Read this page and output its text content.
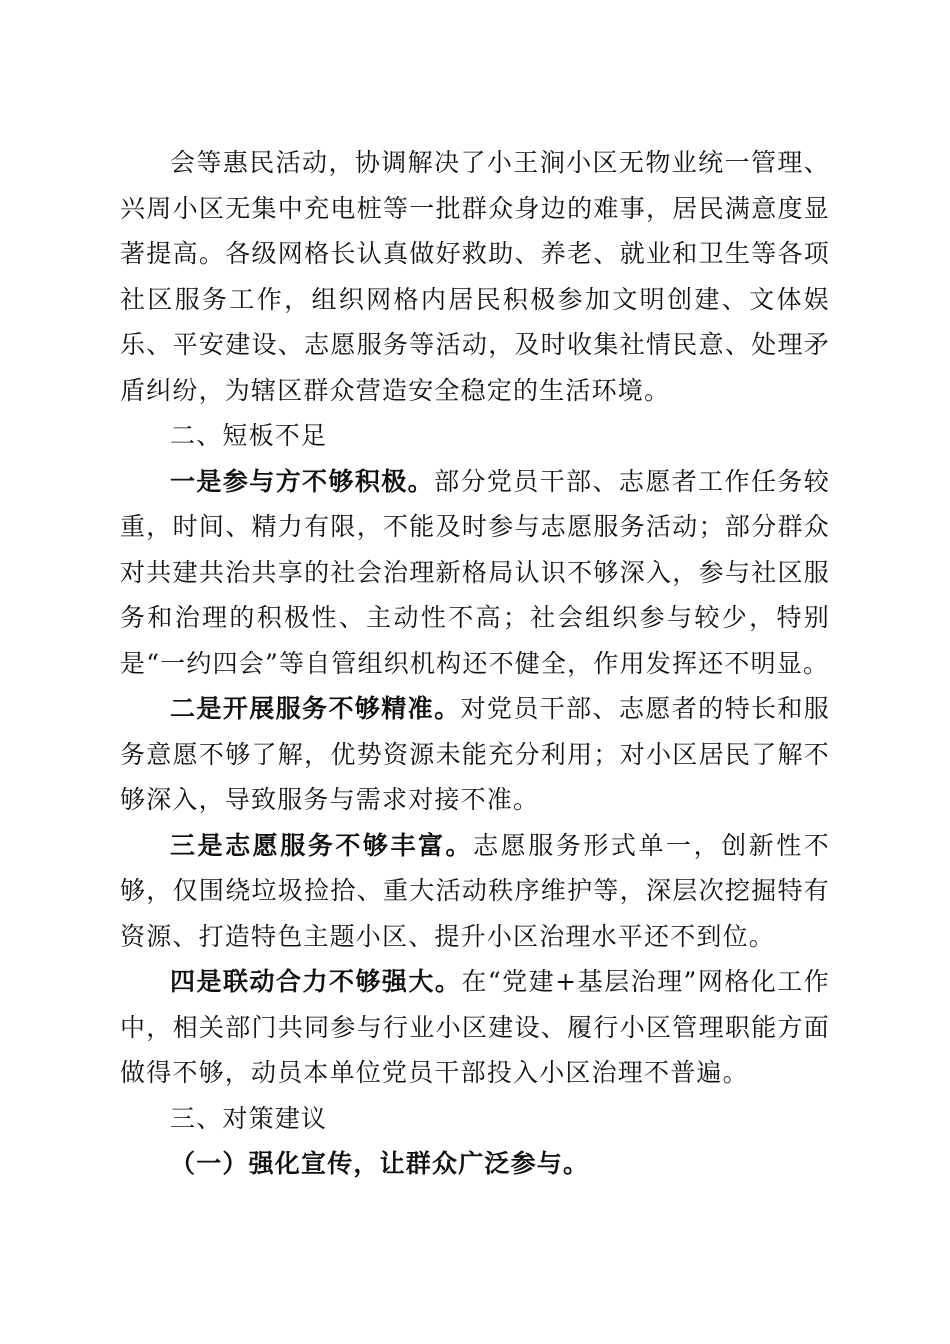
会等惠民活动，协调解决了小王涧小区无物业统一管理、兴周小区无集中充电桩等一批群众身边的难事，居民满意度显著提高。各级网格长认真做好救助、养老、就业和卫生等各项社区服务工作，组织网格内居民积极参加文明创建、文体娱乐、平安建设、志愿服务等活动，及时收集社情民意、处理矛盾纠纷，为辖区群众营造安全稳定的生活环境。

二、短板不足

一是参与方不够积极。部分党员干部、志愿者工作任务较重，时间、精力有限，不能及时参与志愿服务活动；部分群众对共建共治共享的社会治理新格局认识不够深入，参与社区服务和治理的积极性、主动性不高；社会组织参与较少，特别是“一约四会”等自管组织机构还不健全，作用发挥还不明显。

二是开展服务不够精准。对党员干部、志愿者的特长和服务意愿不够了解，优势资源未能充分利用；对小区居民了解不够深入，导致服务与需求对接不准。

三是志愿服务不够丰富。志愿服务形式单一，创新性不够，仅围绕垃圾捡拾、重大活动秩序维护等，深层次挖掘特有资源、打造特色主题小区、提升小区治理水平还不到位。

四是联动合力不够强大。在“党建+基层治理”网格化工作中，相关部门共同参与行业小区建设、履行小区管理职能方面做得不够，动员本单位党员干部投入小区治理不普遍。

三、对策建议

（一）强化宣传，让群众广泛参与。
